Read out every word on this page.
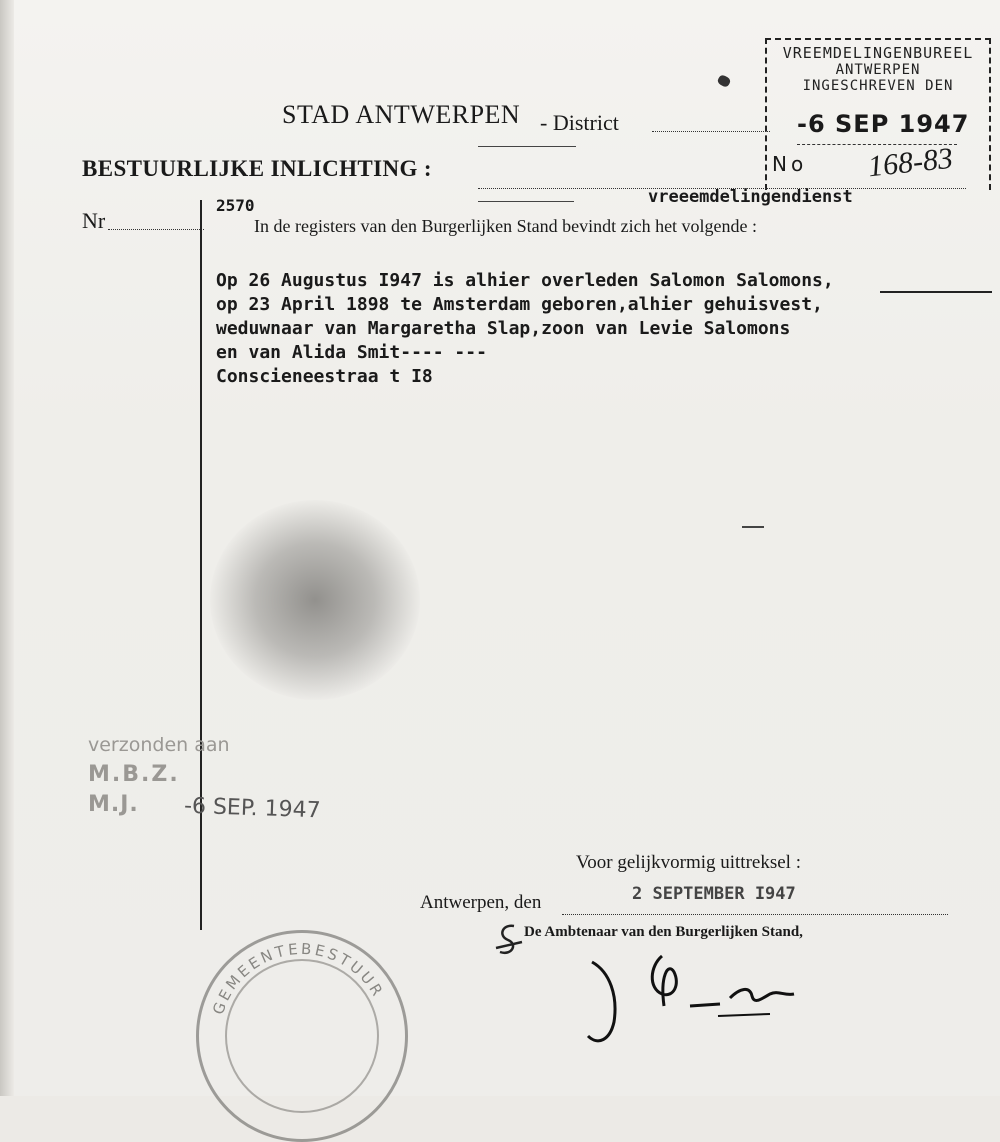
VREEMDELINGENBUREEL
ANTWERPEN
INGESCHREVEN DEN
-6 SEP 1947
No 168-83
vreeemdelingendienst
STAD ANTWERPEN - District
BESTUURLIJKE INLICHTING :
Nr
2570
In de registers van den Burgerlijken Stand bevindt zich het volgende :
Op 26 Augustus I947 is alhier overleden Salomon Salomons,
op 23 April 1898 te Amsterdam geboren,alhier gehuisvest,
weduwnaar van Margaretha Slap,zoon van Levie Salomons
en van Alida Smit---- ---
Conscieneestraa t I8
verzonden aan
M.B.Z.
M.J. -6 SEP. 1947
Voor gelijkvormig uittreksel :
Antwerpen, den	2 SEPTEMBER I947
De Ambtenaar van den Burgerlijken Stand,
GEMEENTEBESTUUR
